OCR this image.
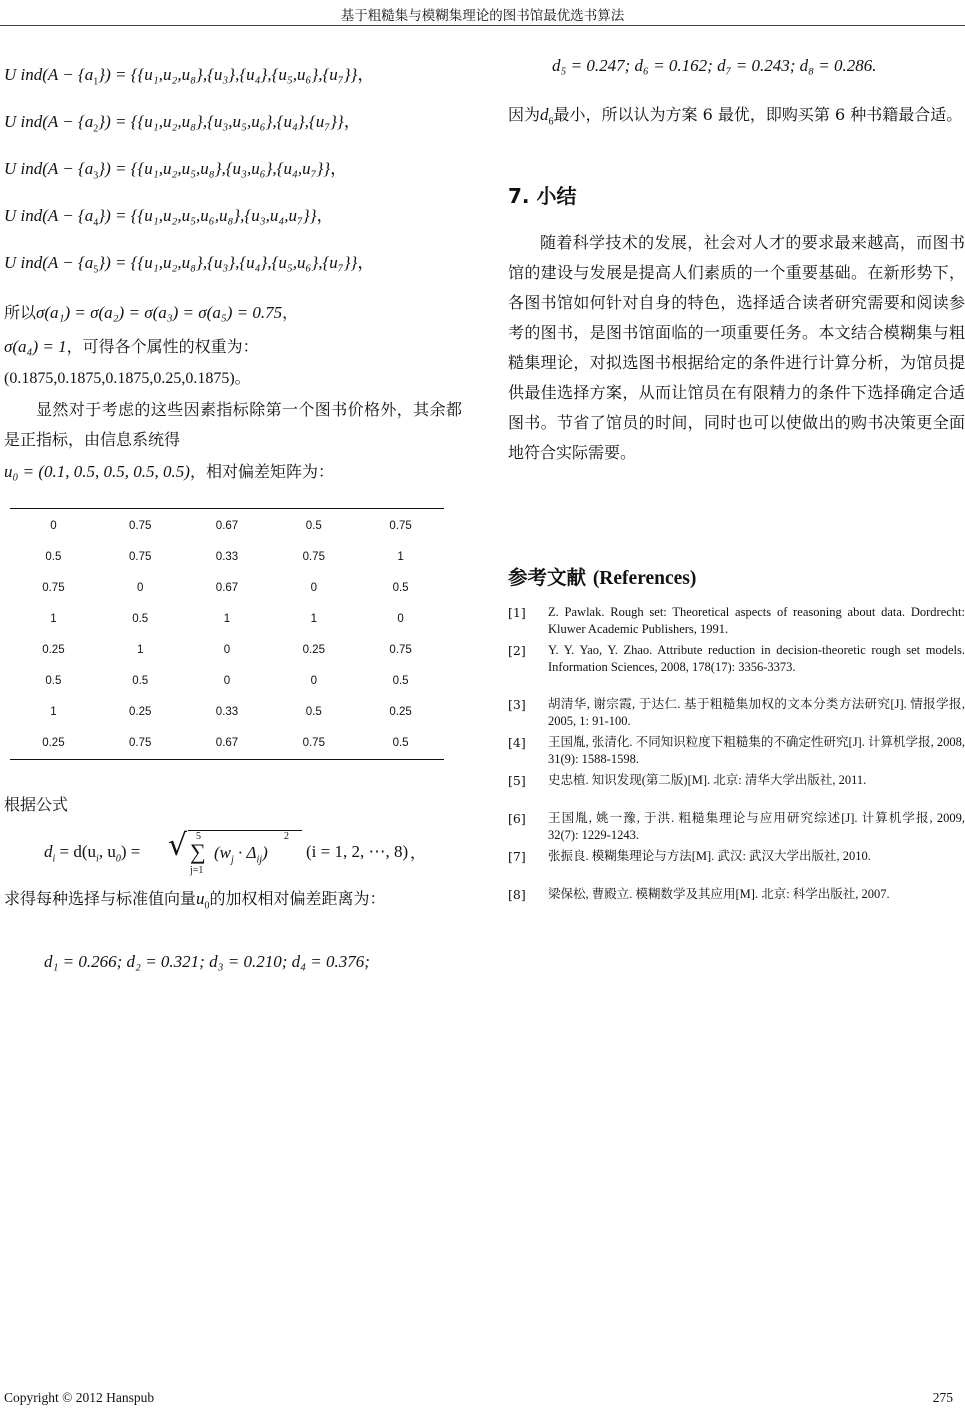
基于粗糙集与模糊集理论的图书馆最优选书算法
U $ind(A - \{a_1\}) = \{\{u_1,u_2,u_8\},\{u_3\},\{u_4\},\{u_5,u_6\},\{u_7\}\}$，
U $ind(A - \{a_2\}) = \{\{u_1,u_2,u_8\},\{u_3,u_5,u_6\},\{u_4\},\{u_7\}\}$，
U $ind(A - \{a_3\}) = \{\{u_1,u_2,u_5,u_8\},\{u_3,u_6\},\{u_4,u_7\}\}$，
U $ind(A - \{a_4\}) = \{\{u_1,u_2,u_5,u_6,u_8\},\{u_3,u_4,u_7\}\}$，
U $ind(A - \{a_5\}) = \{\{u_1,u_2,u_8\},\{u_3\},\{u_4\},\{u_5,u_6\},\{u_7\}\}$，
所以σ(a₁) = σ(a₂) = σ(a₃) = σ(a₅) = 0.75，
σ(a₄) = 1，可得各个属性的权重为：
(0.1875,0.1875,0.1875,0.25,0.1875)。
显然对于考虑的这些因素指标除第一个图书价格外，其余都是正指标，由信息系统得
u₀ = (0.1, 0.5, 0.5, 0.5, 0.5)，相对偏差矩阵为：
0	0.75	0.67	0.5	0.75
0.5	0.75	0.33	0.75	1
0.75	0	0.67	0	0.5
1	0.5	1	1	0
0.25	1	0	0.25	0.75
0.5	0.5	0	0	0.5
1	0.25	0.33	0.5	0.25
0.25	0.75	0.67	0.75	0.5
根据公式
$d_i = d(u_i$, $u_0$) = √ 5
∑
j=1
$(w_j \cdot \Delta_{ij})$
2
(i = 1, 2, ⋯, 8) ，
求得每种选择与标准值向量$u_0$的加权相对偏差距离为：
d₁ = 0.266; d₂ = 0.321; d₃ = 0.210; d₄ = 0.376;
d₅ = 0.247; d₆ = 0.162; d₇ = 0.243; d₈ = 0.286.
因为$d_6$最小，所以认为方案 6 最优，即购买第 6 种书籍最合适。
7. 小结
随着科学技术的发展，社会对人才的要求最来越高，而图书馆的建设与发展是提高人们素质的一个重要基础。在新形势下，各图书馆如何针对自身的特色，选择适合读者研究需要和阅读参考的图书，是图书馆面临的一项重要任务。本文结合模糊集与粗糙集理论，对拟选图书根据给定的条件进行计算分析，为馆员提供最佳选择方案，从而让馆员在有限精力的条件下选择确定合适图书。节省了馆员的时间，同时也可以使做出的购书决策更全面地符合实际需要。
参考文献 (References)
[1] Z. Pawlak. Rough set: Theoretical aspects of reasoning about data. Dordrecht: Kluwer Academic Publishers, 1991.
[2] Y. Y. Yao, Y. Zhao. Attribute reduction in decision-theoretic rough set models. Information Sciences, 2008, 178(17): 3356-3373.
[3] 胡清华, 谢宗霞, 于达仁. 基于粗糙集加权的文本分类方法研究[J]. 情报学报, 2005, 1: 91-100.
[4] 王国胤, 张清化. 不同知识粒度下粗糙集的不确定性研究[J]. 计算机学报, 2008, 31(9): 1588-1598.
[5] 史忠植. 知识发现(第二版)[M]. 北京: 清华大学出版社, 2011.
[6] 王国胤, 姚一豫, 于洪. 粗糙集理论与应用研究综述[J]. 计算机学报, 2009, 32(7): 1229-1243.
[7] 张振良. 模糊集理论与方法[M]. 武汉: 武汉大学出版社, 2010.
[8] 梁保松, 曹殿立. 模糊数学及其应用[M]. 北京: 科学出版社, 2007.
Copyright © 2012 Hanspub	275
